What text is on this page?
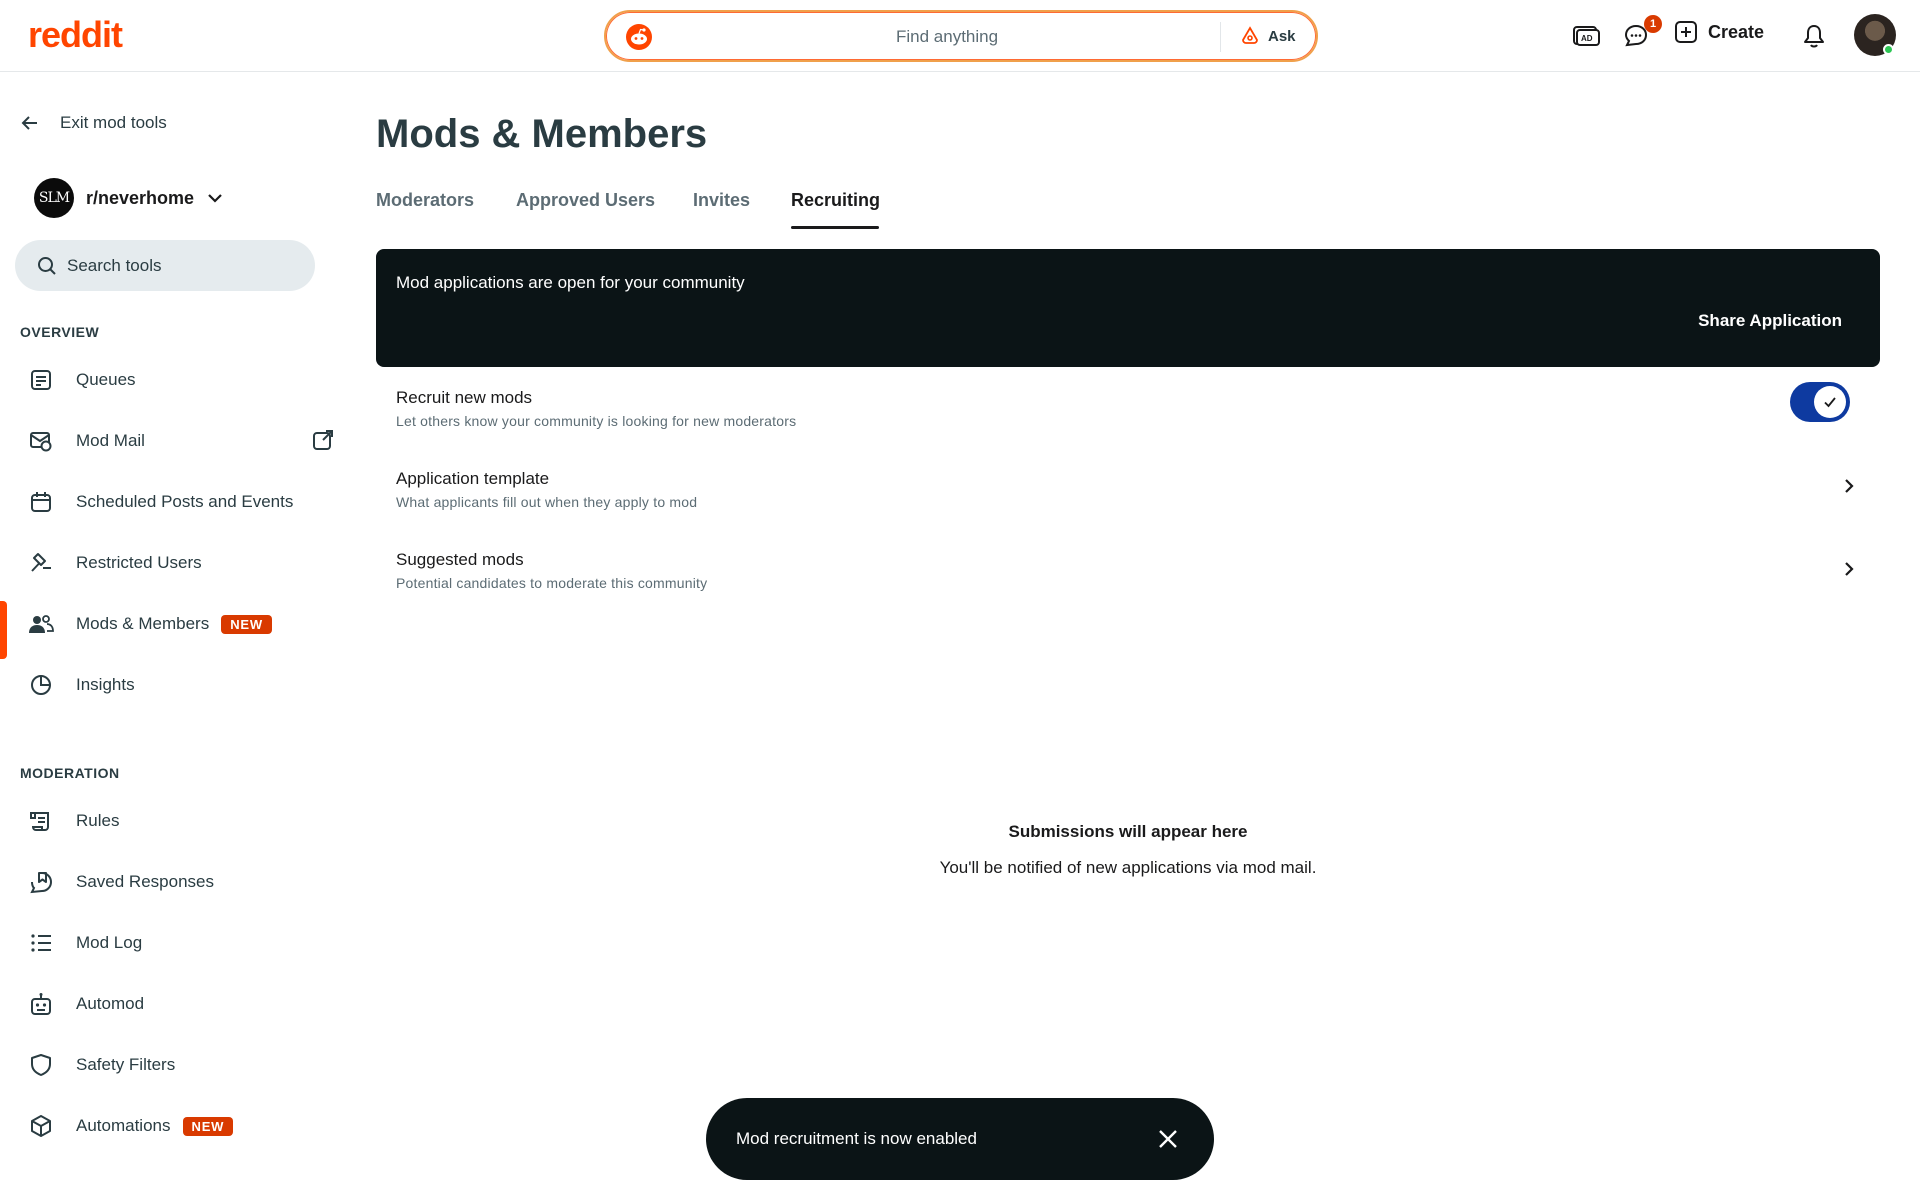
reddit	Find anything	Ask	AD
1	Create
Exit mod tools
SLM r/neverhome
Search tools
OVERVIEW
Queues
Mod Mail
Scheduled Posts and Events
Restricted Users
Mods & Members	NEW
Insights
MODERATION
Rules
Saved Responses
Mod Log
Automod
Safety Filters
Automations	NEW
Mods & Members
Moderators Approved Users Invites Recruiting
Mod applications are open for your community
Share Application
Recruit new mods
Let others know your community is looking for new moderators
Application template
What applicants fill out when they apply to mod
Suggested mods
Potential candidates to moderate this community
Submissions will appear here
You'll be notified of new applications via mod mail.
Mod recruitment is now enabled
